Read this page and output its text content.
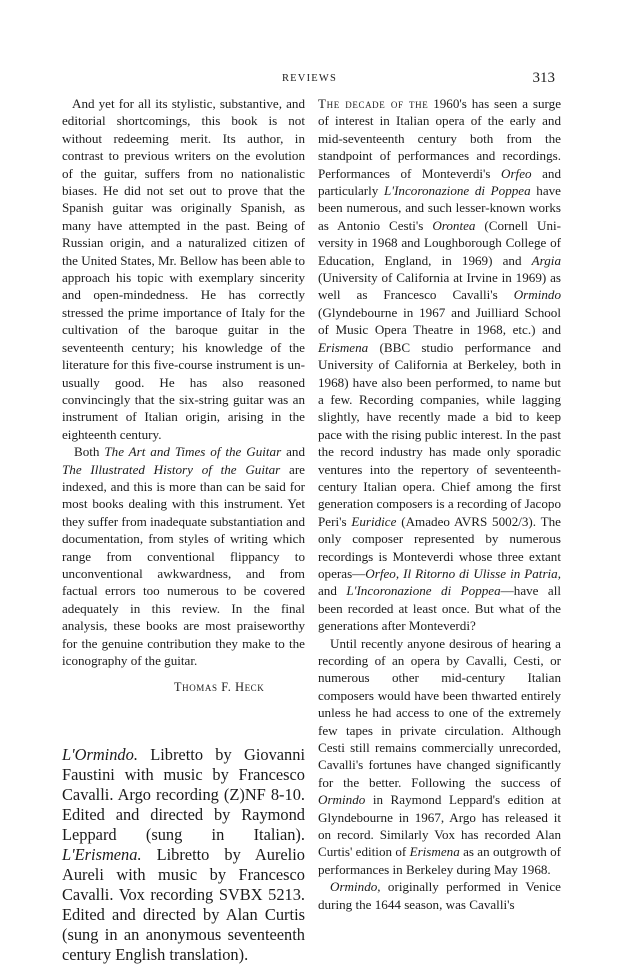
REVIEWS	313

And yet for all its stylistic, substantive, and editorial shortcomings, this book is not without redeeming merit. Its author, in contrast to previous writers on the evolution of the guitar, suffers from no nationalistic biases. He did not set out to prove that the Spanish guitar was originally Spanish, as many have attempted in the past. Being of Russian origin, and a naturalized citizen of the United States, Mr. Bellow has been able to approach his topic with exemplary sincerity and open-mindedness. He has correctly stressed the prime importance of Italy for the cultivation of the baroque guitar in the seventeenth century; his knowledge of the literature for this five-course instrument is unusually good. He has also reasoned convincingly that the six-string guitar was an instrument of Italian origin, arising in the eighteenth century.

Both The Art and Times of the Guitar and The Illustrated History of the Guitar are indexed, and this is more than can be said for most books dealing with this instrument. Yet they suffer from inadequate substantiation and documentation, from styles of writing which range from conventional flippancy to unconventional awkwardness, and from factual errors too numerous to be covered adequately in this review. In the final analysis, these books are most praiseworthy for the genuine contribution they make to the iconography of the guitar.

Thomas F. Heck

L'Ormindo. Libretto by Giovanni Faustini with music by Francesco Cavalli. Argo recording (Z)NF 8-10. Edited and directed by Raymond Leppard (sung in Italian). L'Erismena. Libretto by Aurelio Aureli with music by Francesco Cavalli. Vox recording SVBX 5213. Edited and directed by Alan Curtis (sung in an anonymous seventeenth century English translation).

The decade of the 1960's has seen a surge of interest in Italian opera of the early and mid-seventeenth century both from the standpoint of performances and recordings. Performances of Monteverdi's Orfeo and particularly L'Incoronazione di Poppea have been numerous, and such lesser-known works as Antonio Cesti's Orontea (Cornell University in 1968 and Loughborough College of Education, England, in 1969) and Argia (University of California at Irvine in 1969) as well as Francesco Cavalli's Ormindo (Glyndebourne in 1967 and Juilliard School of Music Opera Theatre in 1968, etc.) and Erismena (BBC studio performance and University of California at Berkeley, both in 1968) have also been performed, to name but a few. Recording companies, while lagging slightly, have recently made a bid to keep pace with the rising public interest. In the past the record industry has made only sporadic ventures into the repertory of seventeenth-century Italian opera. Chief among the first generation composers is a recording of Jacopo Peri's Euridice (Amadeo AVRS 5002/3). The only composer represented by numerous recordings is Monteverdi whose three extant operas—Orfeo, Il Ritorno di Ulisse in Patria, and L'Incoronazione di Poppea—have all been recorded at least once. But what of the generations after Monteverdi?

Until recently anyone desirous of hearing a recording of an opera by Cavalli, Cesti, or numerous other mid-century Italian composers would have been thwarted entirely unless he had access to one of the extremely few tapes in private circulation. Although Cesti still remains commercially unrecorded, Cavalli's fortunes have changed significantly for the better. Following the success of Ormindo in Raymond Leppard's edition at Glyndebourne in 1967, Argo has released it on record. Similarly Vox has recorded Alan Curtis' edition of Erismena as an outgrowth of performances in Berkeley during May 1968.

Ormindo, originally performed in Venice during the 1644 season, was Cavalli's
